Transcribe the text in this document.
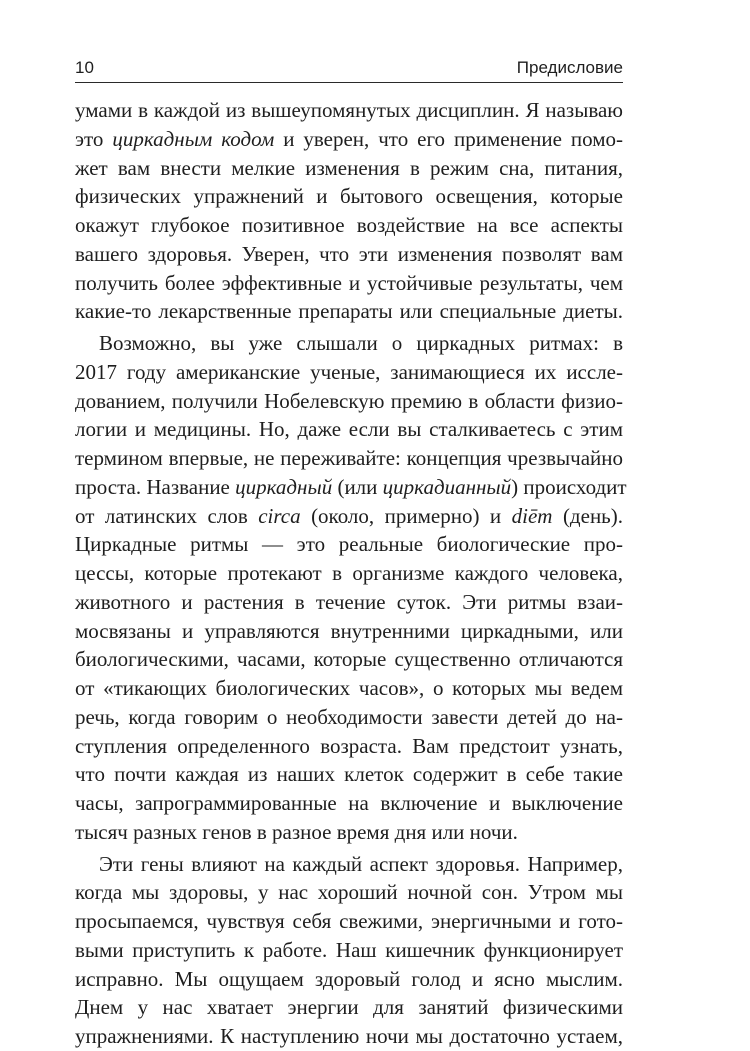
10	Предисловие
умами в каждой из вышеупомянутых дисциплин. Я называю
это циркадным кодом и уверен, что его применение помо-
жет вам внести мелкие изменения в режим сна, питания,
физических упражнений и бытового освещения, которые
окажут глубокое позитивное воздействие на все аспекты
вашего здоровья. Уверен, что эти изменения позволят вам
получить более эффективные и устойчивые результаты, чем
какие-то лекарственные препараты или специальные диеты.
Возможно, вы уже слышали о циркадных ритмах: в
2017 году американские ученые, занимающиеся их иссле-
дованием, получили Нобелевскую премию в области физио-
логии и медицины. Но, даже если вы сталкиваетесь с этим
термином впервые, не переживайте: концепция чрезвычайно
проста. Название циркадный (или циркадианный) происходит
от латинских слов circa (около, примерно) и diēm (день).
Циркадные ритмы — это реальные биологические про-
цессы, которые протекают в организме каждого человека,
животного и растения в течение суток. Эти ритмы взаи-
мосвязаны и управляются внутренними циркадными, или
биологическими, часами, которые существенно отличаются
от «тикающих биологических часов», о которых мы ведем
речь, когда говорим о необходимости завести детей до на-
ступления определенного возраста. Вам предстоит узнать,
что почти каждая из наших клеток содержит в себе такие
часы, запрограммированные на включение и выключение
тысяч разных генов в разное время дня или ночи.
Эти гены влияют на каждый аспект здоровья. Например,
когда мы здоровы, у нас хороший ночной сон. Утром мы
просыпаемся, чувствуя себя свежими, энергичными и гото-
выми приступить к работе. Наш кишечник функционирует
исправно. Мы ощущаем здоровый голод и ясно мыслим.
Днем у нас хватает энергии для занятий физическими
упражнениями. К наступлению ночи мы достаточно устаем,
